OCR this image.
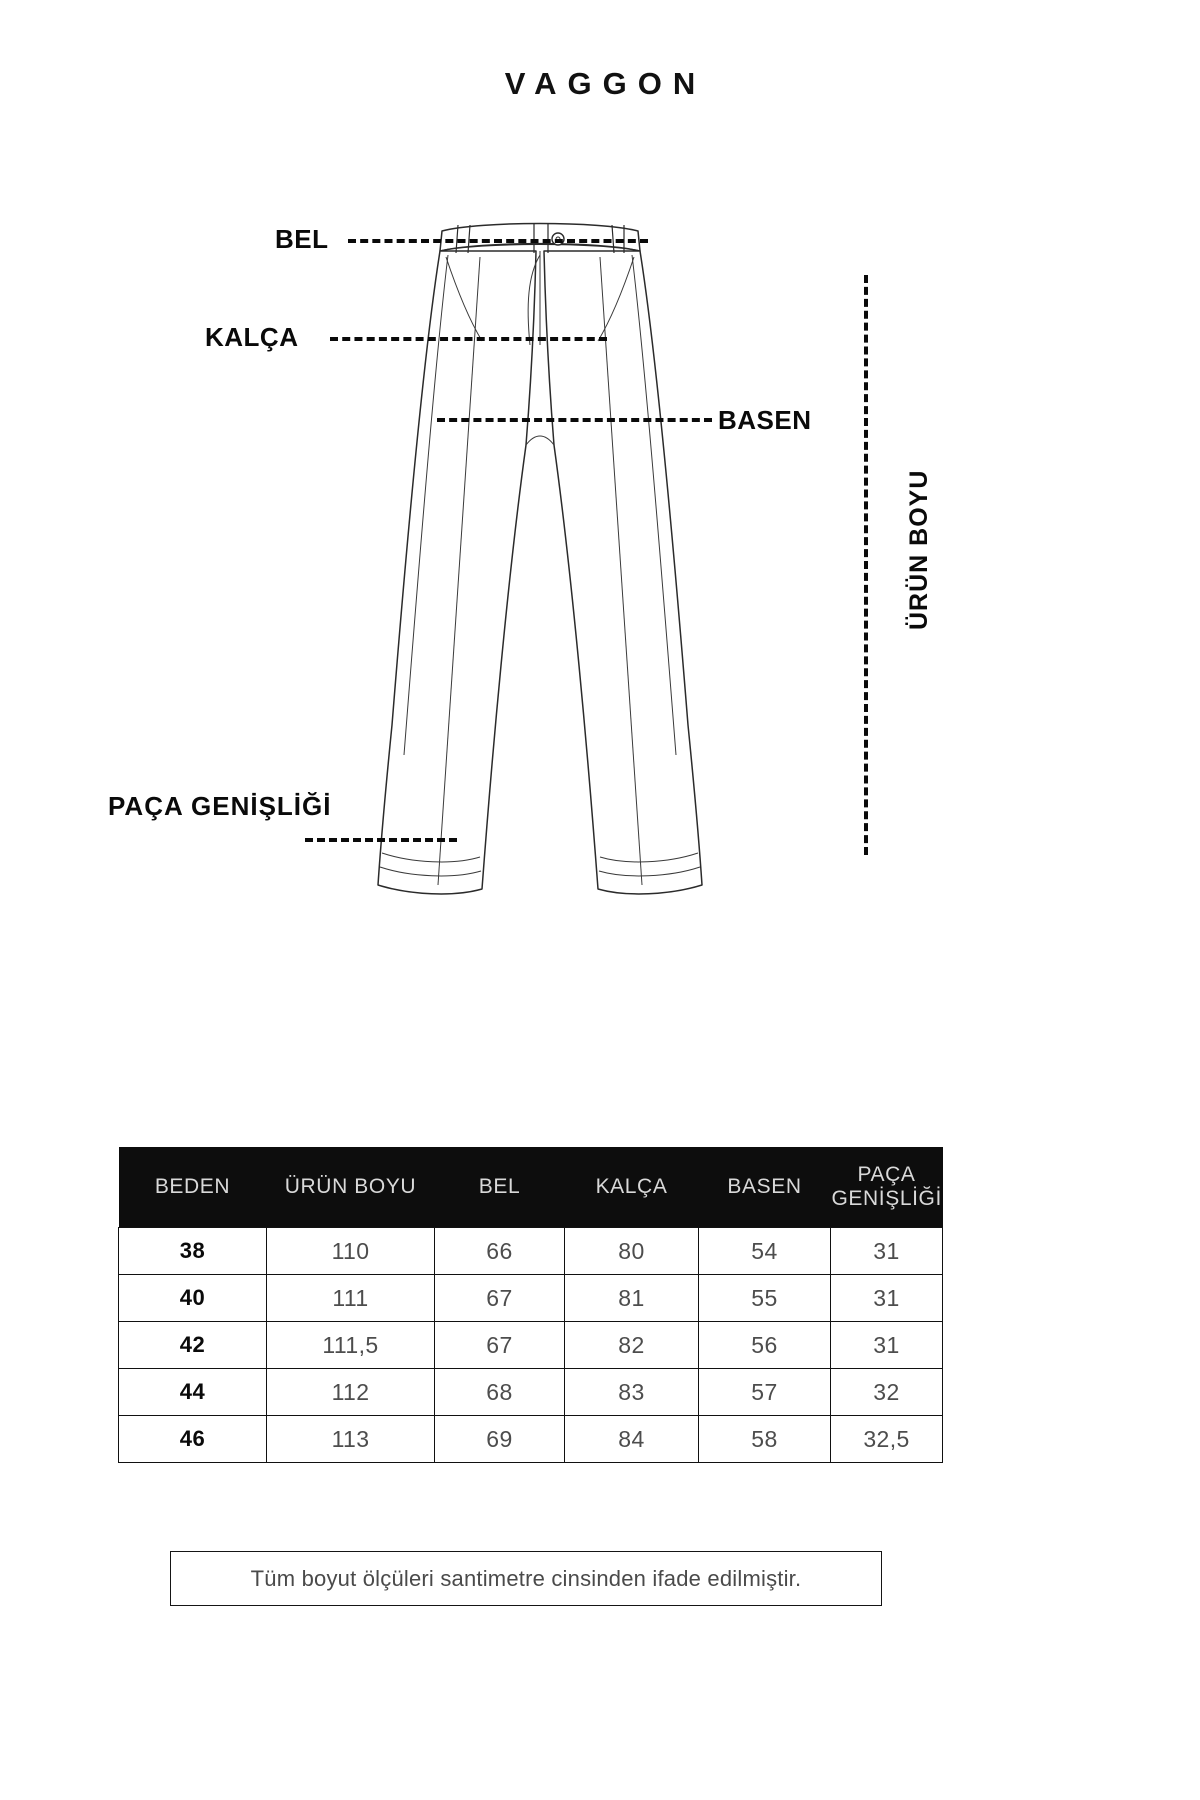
VAGGON
BEL
KALÇA
BASEN
PAÇA GENİŞLİĞİ
ÜRÜN BOYU
BEDEN	ÜRÜN BOYU	BEL	KALÇA	BASEN	PAÇA
GENİŞLİĞİ
38	110	66	80	54	31
40	111	67	81	55	31
42	111,5	67	82	56	31
44	112	68	83	57	32
46	113	69	84	58	32,5
Tüm boyut ölçüleri santimetre cinsinden ifade edilmiştir.
